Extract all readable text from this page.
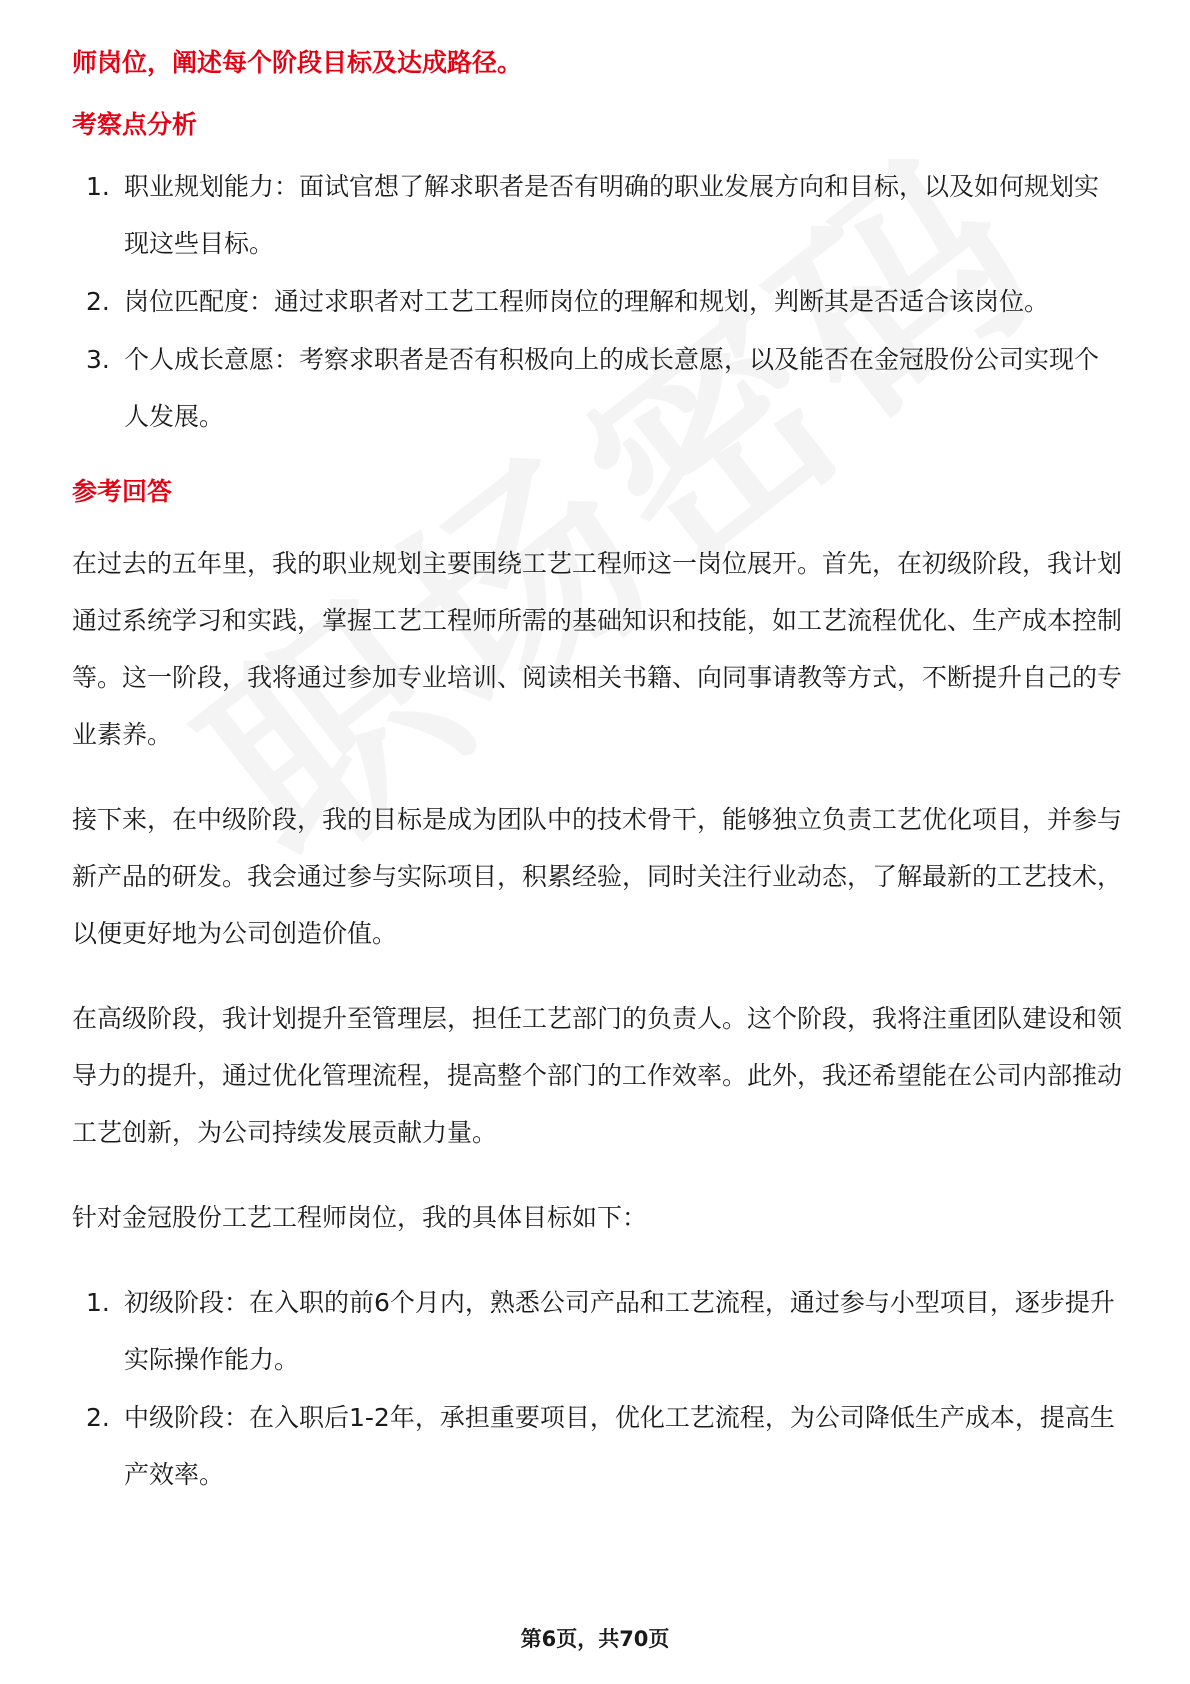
师岗位，阐述每个阶段目标及达成路径。

考察点分析

1. 职业规划能力：面试官想了解求职者是否有明确的职业发展方向和目标，以及如何规划实现这些目标。
2. 岗位匹配度：通过求职者对工艺工程师岗位的理解和规划，判断其是否适合该岗位。
3. 个人成长意愿：考察求职者是否有积极向上的成长意愿，以及能否在金冠股份公司实现个人发展。

参考回答

在过去的五年里，我的职业规划主要围绕工艺工程师这一岗位展开。首先，在初级阶段，我计划通过系统学习和实践，掌握工艺工程师所需的基础知识和技能，如工艺流程优化、生产成本控制等。这一阶段，我将通过参加专业培训、阅读相关书籍、向同事请教等方式，不断提升自己的专业素养。

接下来，在中级阶段，我的目标是成为团队中的技术骨干，能够独立负责工艺优化项目，并参与新产品的研发。我会通过参与实际项目，积累经验，同时关注行业动态，了解最新的工艺技术，以便更好地为公司创造价值。

在高级阶段，我计划提升至管理层，担任工艺部门的负责人。这个阶段，我将注重团队建设和领导力的提升，通过优化管理流程，提高整个部门的工作效率。此外，我还希望能在公司内部推动工艺创新，为公司持续发展贡献力量。

针对金冠股份工艺工程师岗位，我的具体目标如下：

1. 初级阶段：在入职的前6个月内，熟悉公司产品和工艺流程，通过参与小型项目，逐步提升实际操作能力。
2. 中级阶段：在入职后1-2年，承担重要项目，优化工艺流程，为公司降低生产成本，提高生产效率。
第6页，共70页
